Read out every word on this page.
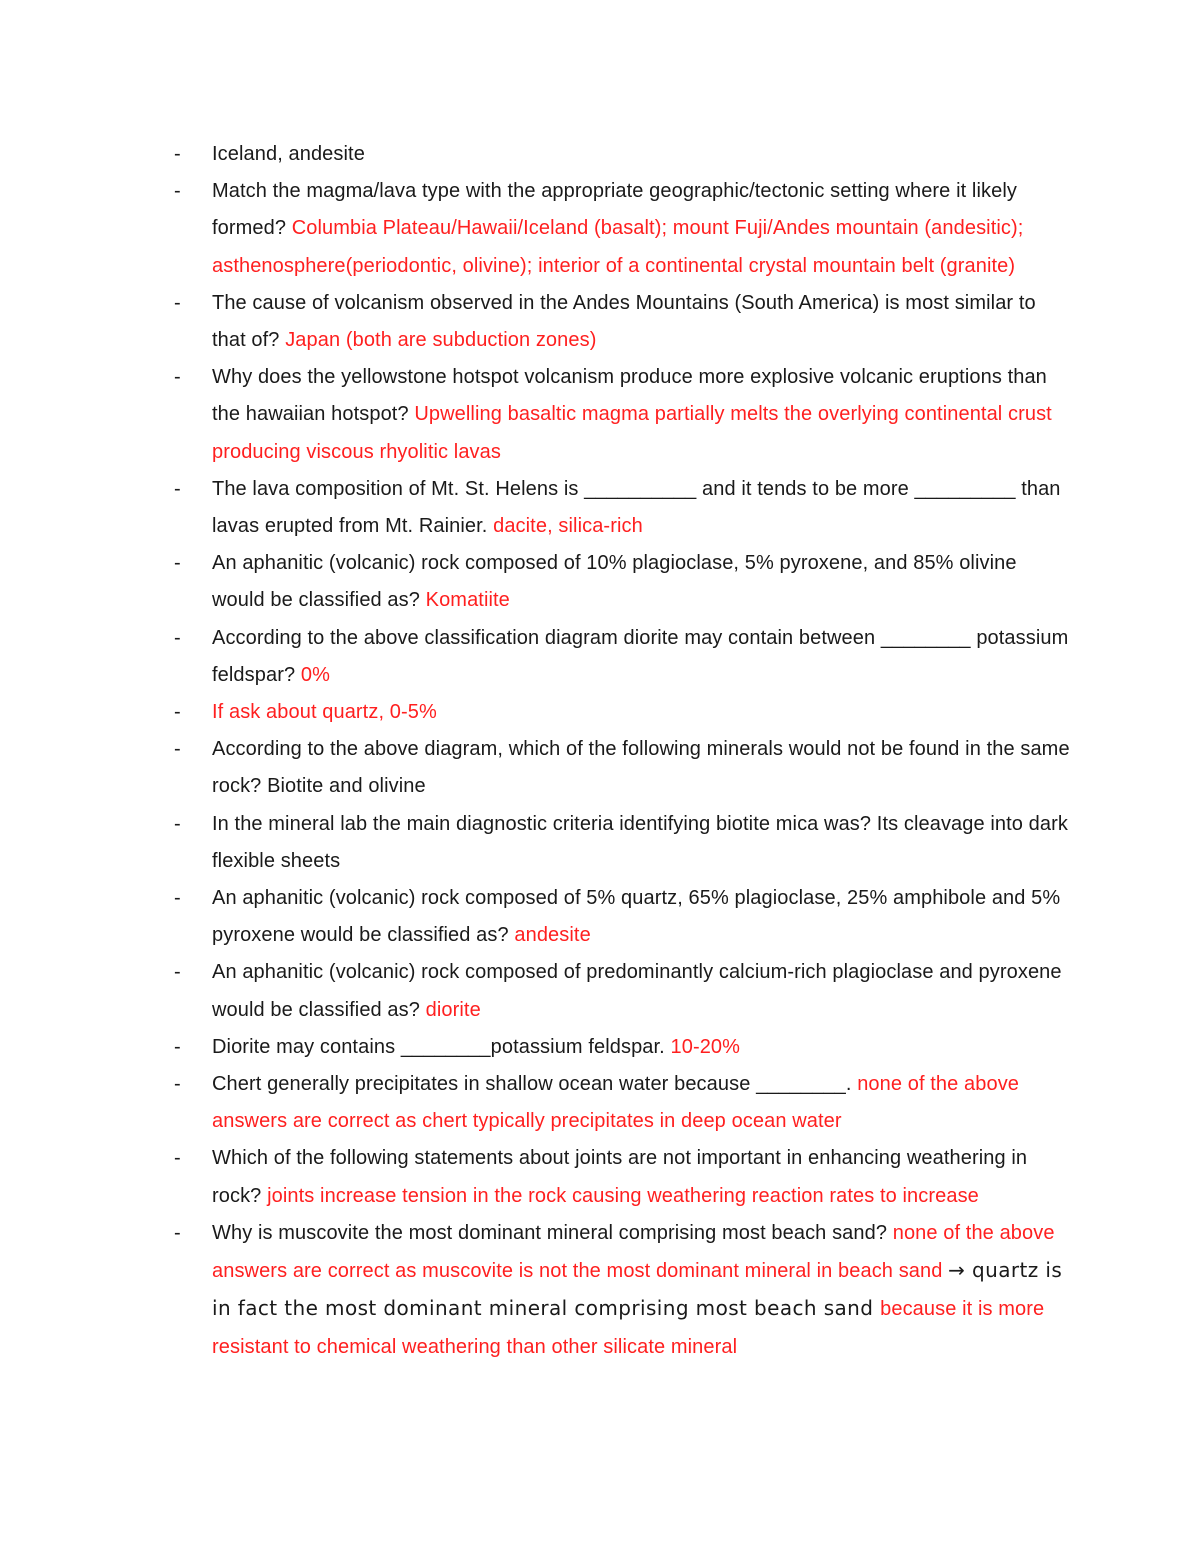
- Iceland, andesite
- Match the magma/lava type with the appropriate geographic/tectonic setting where it likely formed? Columbia Plateau/Hawaii/Iceland (basalt); mount Fuji/Andes mountain (andesitic); asthenosphere(periodontic, olivine); interior of a continental crystal mountain belt (granite)
- The cause of volcanism observed in the Andes Mountains (South America) is most similar to that of? Japan (both are subduction zones)
- Why does the yellowstone hotspot volcanism produce more explosive volcanic eruptions than the hawaiian hotspot? Upwelling basaltic magma partially melts the overlying continental crust producing viscous rhyolitic lavas
- The lava composition of Mt. St. Helens is __________ and it tends to be more _________ than lavas erupted from Mt. Rainier. dacite, silica-rich
- An aphanitic (volcanic) rock composed of 10% plagioclase, 5% pyroxene, and 85% olivine would be classified as? Komatiite
- According to the above classification diagram diorite may contain between ________ potassium feldspar? 0%
- If ask about quartz, 0-5%
- According to the above diagram, which of the following minerals would not be found in the same rock? Biotite and olivine
- In the mineral lab the main diagnostic criteria identifying biotite mica was? Its cleavage into dark flexible sheets
- An aphanitic (volcanic) rock composed of 5% quartz, 65% plagioclase, 25% amphibole and 5% pyroxene would be classified as? andesite
- An aphanitic (volcanic) rock composed of predominantly calcium-rich plagioclase and pyroxene would be classified as? diorite
- Diorite may contains ________potassium feldspar. 10-20%
- Chert generally precipitates in shallow ocean water because ________. none of the above answers are correct as chert typically precipitates in deep ocean water
- Which of the following statements about joints are not important in enhancing weathering in rock? joints increase tension in the rock causing weathering reaction rates to increase
- Why is muscovite the most dominant mineral comprising most beach sand? none of the above answers are correct as muscovite is not the most dominant mineral in beach sand → quartz is in fact the most dominant mineral comprising most beach sand because it is more resistant to chemical weathering than other silicate mineral
